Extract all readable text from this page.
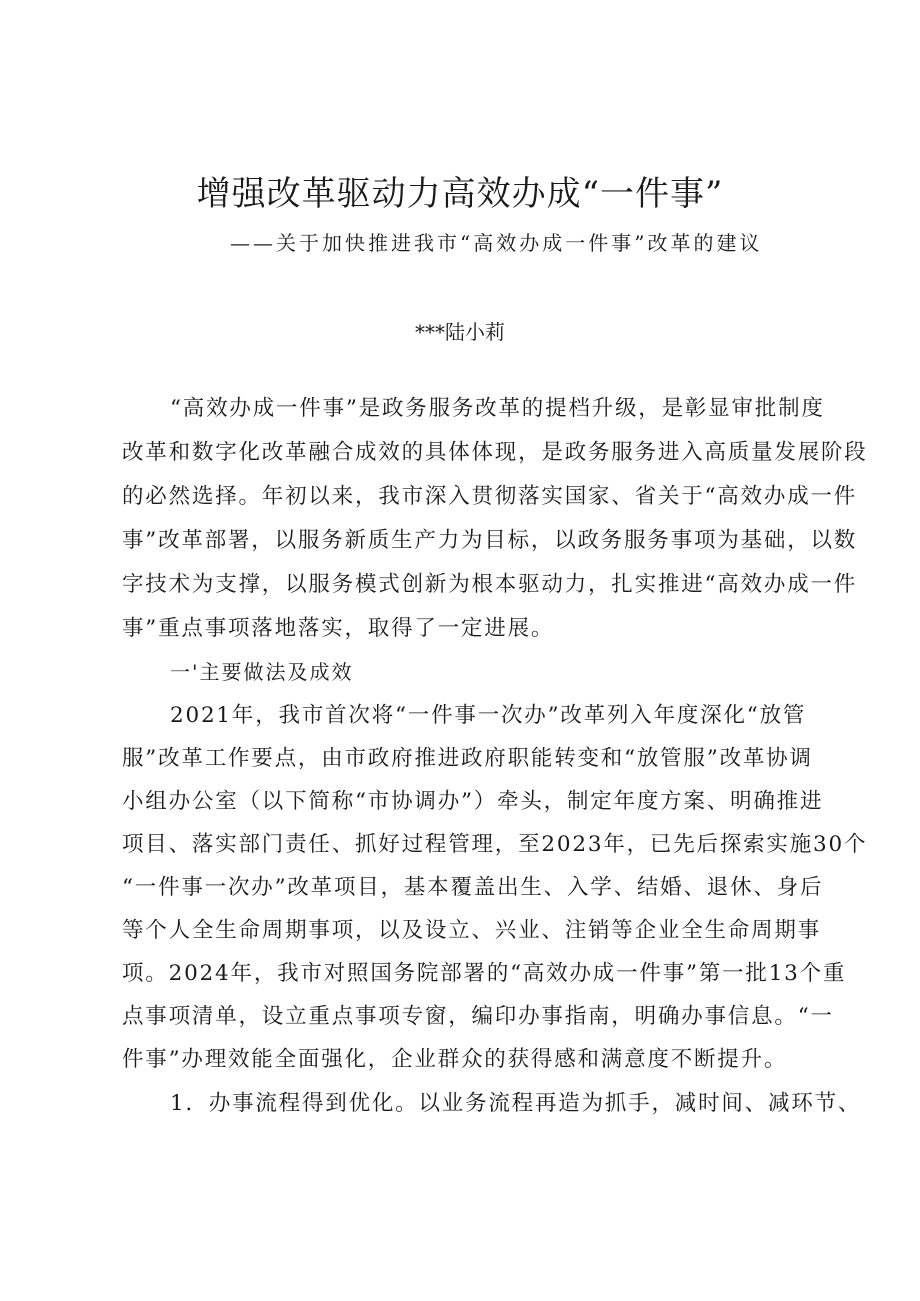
增强改革驱动力高效办成“一件事”
——关于加快推进我市“高效办成一件事”改革的建议
***陆小莉
“高效办成一件事”是政务服务改革的提档升级，是彰显审批制度
改革和数字化改革融合成效的具体体现，是政务服务进入高质量发展阶段
的必然选择。年初以来，我市深入贯彻落实国家、省关于“高效办成一件
事”改革部署，以服务新质生产力为目标，以政务服务事项为基础，以数
字技术为支撑，以服务模式创新为根本驱动力，扎实推进“高效办成一件
事”重点事项落地落实，取得了一定进展。
一'主要做法及成效
2021年，我市首次将“一件事一次办”改革列入年度深化“放管
服”改革工作要点，由市政府推进政府职能转变和“放管服”改革协调
小组办公室（以下简称“市协调办”）牵头，制定年度方案、明确推进
项目、落实部门责任、抓好过程管理，至2023年，已先后探索实施30个
“一件事一次办”改革项目，基本覆盖出生、入学、结婚、退休、身后
等个人全生命周期事项，以及设立、兴业、注销等企业全生命周期事
项。2024年，我市对照国务院部署的“高效办成一件事”第一批13个重
点事项清单，设立重点事项专窗，编印办事指南，明确办事信息。“一
件事”办理效能全面强化，企业群众的获得感和满意度不断提升。
1．办事流程得到优化。以业务流程再造为抓手，减时间、减环节、
